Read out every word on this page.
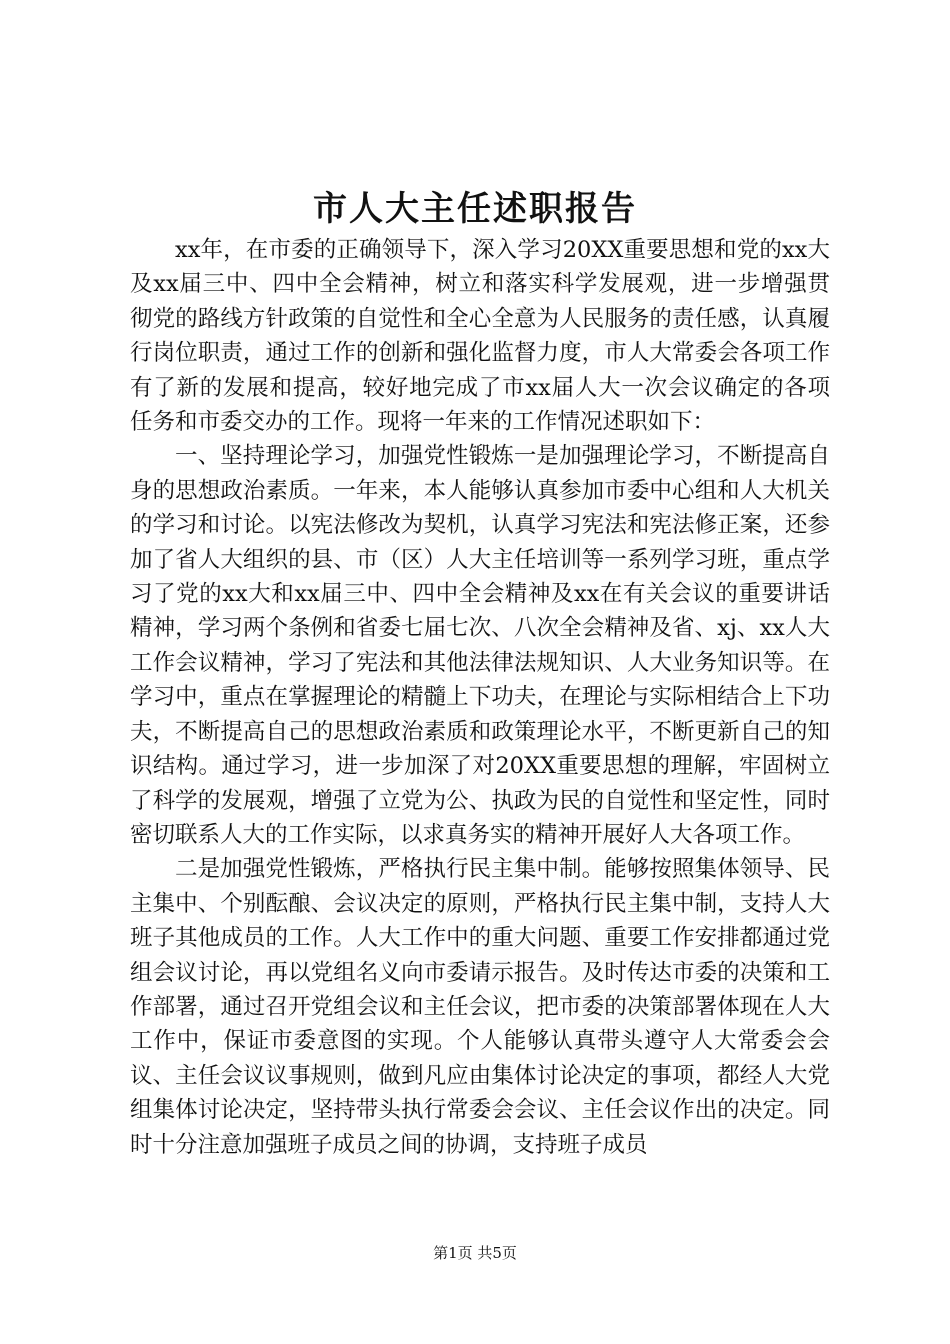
市人大主任述职报告

xx年，在市委的正确领导下，深入学习20XX重要思想和党的xx大及xx届三中、四中全会精神，树立和落实科学发展观，进一步增强贯彻党的路线方针政策的自觉性和全心全意为人民服务的责任感，认真履行岗位职责，通过工作的创新和强化监督力度，市人大常委会各项工作有了新的发展和提高，较好地完成了市xx届人大一次会议确定的各项任务和市委交办的工作。现将一年来的工作情况述职如下：

一、坚持理论学习，加强党性锻炼一是加强理论学习，不断提高自身的思想政治素质。一年来，本人能够认真参加市委中心组和人大机关的学习和讨论。以宪法修改为契机，认真学习宪法和宪法修正案，还参加了省人大组织的县、市（区）人大主任培训等一系列学习班，重点学习了党的xx大和xx届三中、四中全会精神及xx在有关会议的重要讲话精神，学习两个条例和省委七届七次、八次全会精神及省、xj、xx人大工作会议精神，学习了宪法和其他法律法规知识、人大业务知识等。在学习中，重点在掌握理论的精髓上下功夫，在理论与实际相结合上下功夫，不断提高自己的思想政治素质和政策理论水平，不断更新自己的知识结构。通过学习，进一步加深了对20XX重要思想的理解，牢固树立了科学的发展观，增强了立党为公、执政为民的自觉性和坚定性，同时密切联系人大的工作实际，以求真务实的精神开展好人大各项工作。

二是加强党性锻炼，严格执行民主集中制。能够按照集体领导、民主集中、个别酝酿、会议决定的原则，严格执行民主集中制，支持人大班子其他成员的工作。人大工作中的重大问题、重要工作安排都通过党组会议讨论，再以党组名义向市委请示报告。及时传达市委的决策和工作部署，通过召开党组会议和主任会议，把市委的决策部署体现在人大工作中，保证市委意图的实现。个人能够认真带头遵守人大常委会会议、主任会议议事规则，做到凡应由集体讨论决定的事项，都经人大党组集体讨论决定，坚持带头执行常委会会议、主任会议作出的决定。同时十分注意加强班子成员之间的协调，支持班子成员

第1页 共5页
